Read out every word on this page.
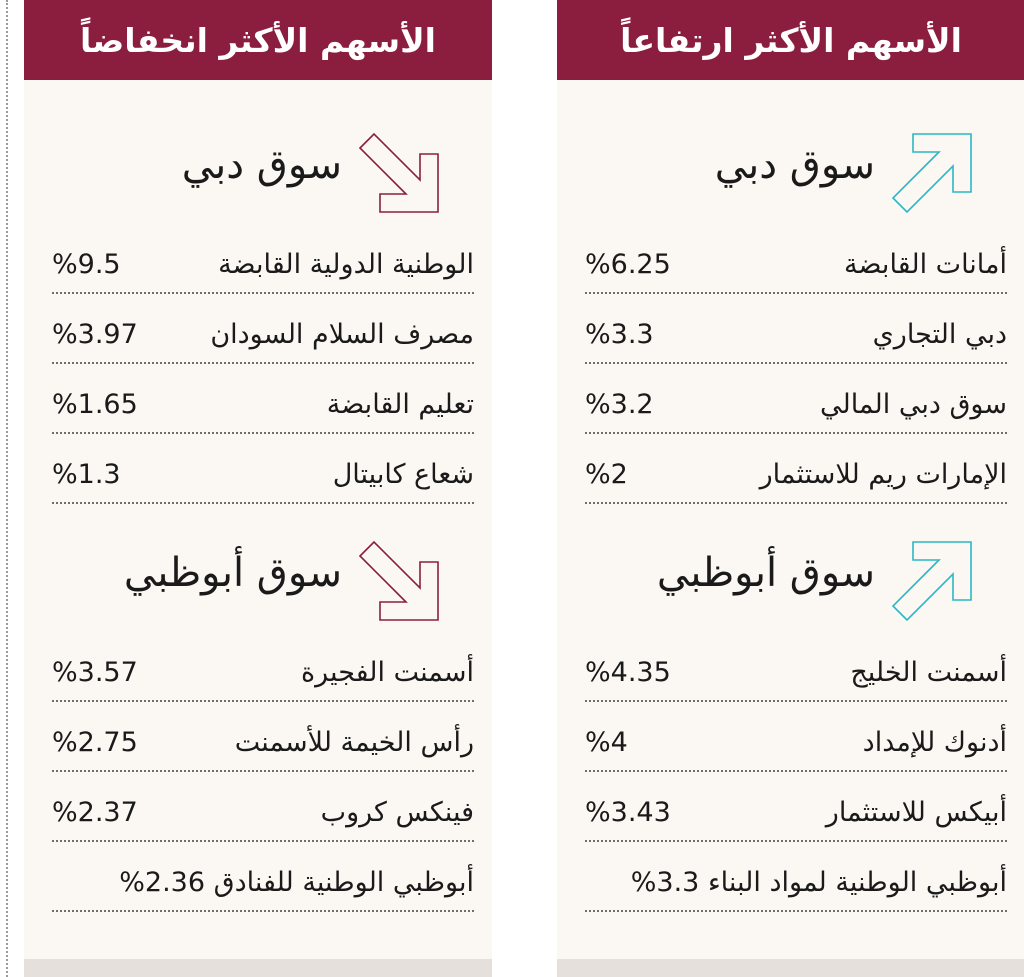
الأسهم الأكثر انخفاضاً
سوق دبي
الوطنية الدولية القابضة
%9.5
مصرف السلام السودان
%3.97
تعليم القابضة
%1.65
شعاع كابيتال
%1.3
سوق أبوظبي
أسمنت الفجيرة
%3.57
رأس الخيمة للأسمنت
%2.75
فينكس كروب
%2.37
أبوظبي الوطنية للفنادق 2.36%
الأسهم الأكثر ارتفاعاً
سوق دبي
أمانات القابضة
%6.25
دبي التجاري
%3.3
سوق دبي المالي
%3.2
الإمارات ريم للاستثمار
%2
سوق أبوظبي
أسمنت الخليج
%4.35
أدنوك للإمداد
%4
أبيكس للاستثمار
%3.43
أبوظبي الوطنية لمواد البناء 3.3%
